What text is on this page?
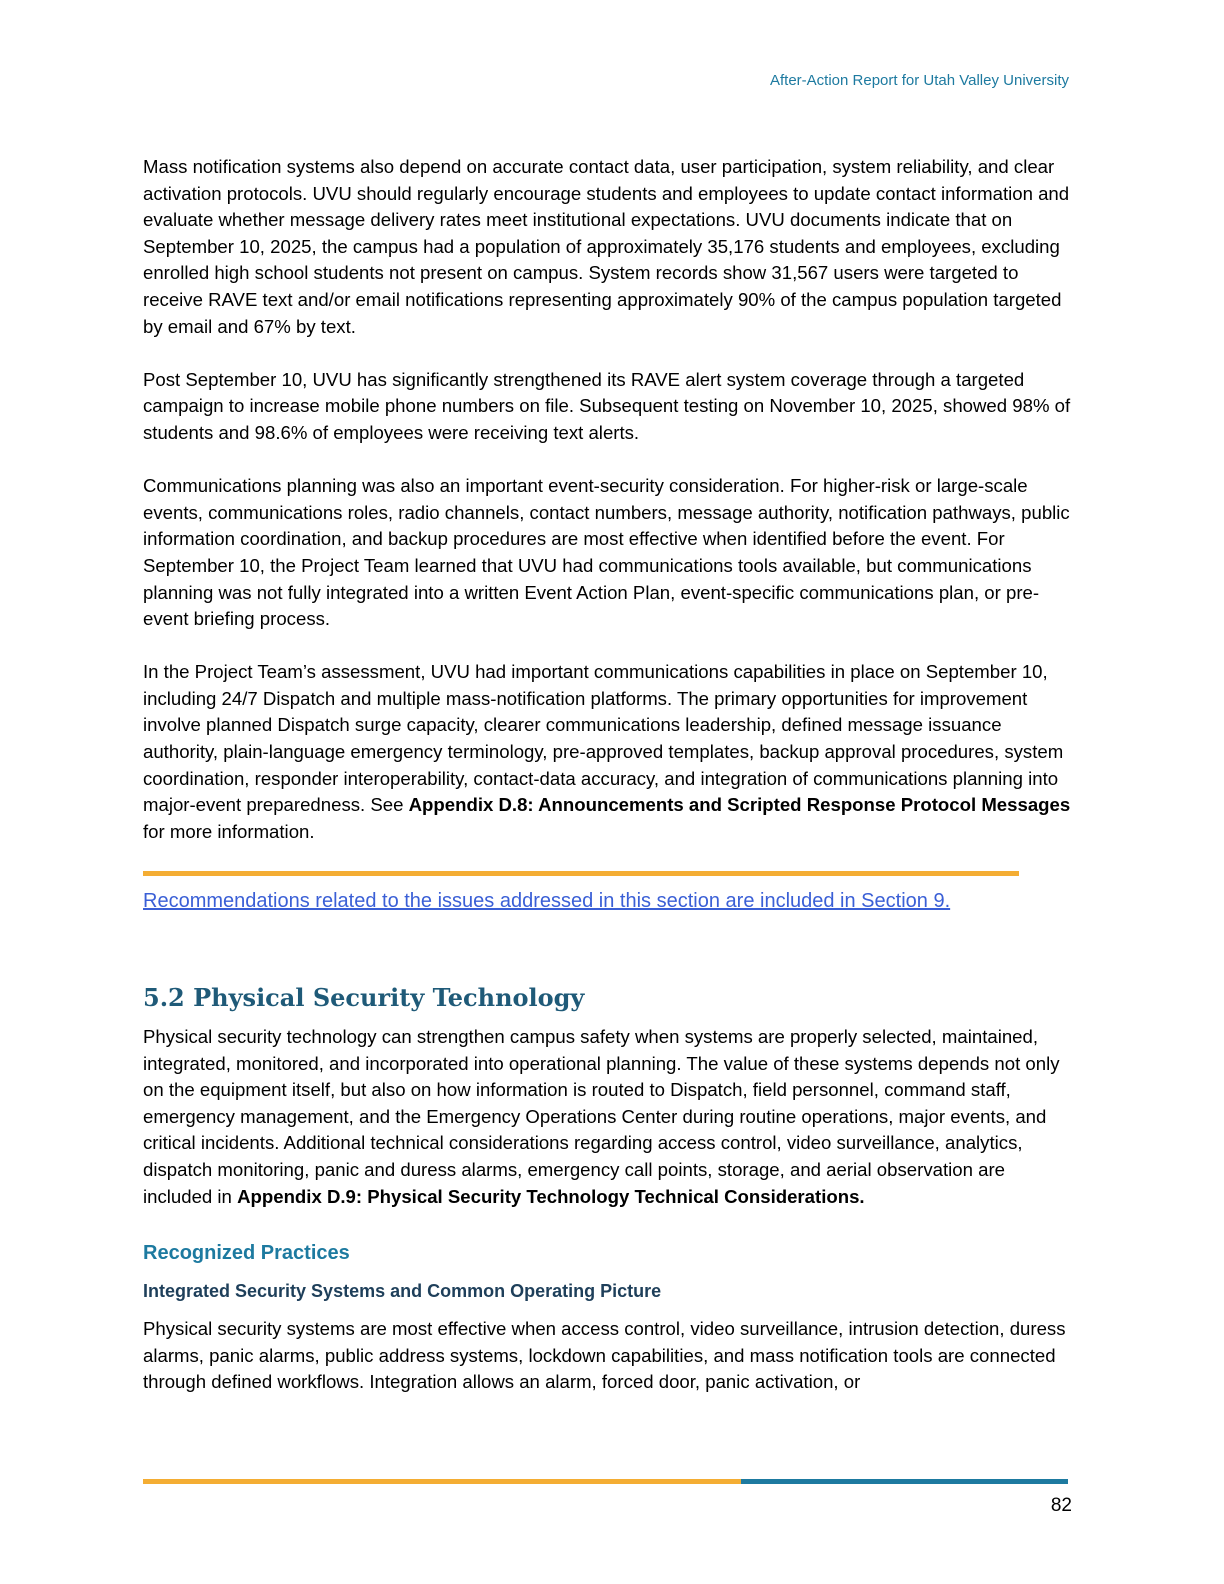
After-Action Report for Utah Valley University

Mass notification systems also depend on accurate contact data, user participation, system reliability, and clear activation protocols. UVU should regularly encourage students and employees to update contact information and evaluate whether message delivery rates meet institutional expectations. UVU documents indicate that on September 10, 2025, the campus had a population of approximately 35,176 students and employees, excluding enrolled high school students not present on campus. System records show 31,567 users were targeted to receive RAVE text and/or email notifications representing approximately 90% of the campus population targeted by email and 67% by text.

Post September 10, UVU has significantly strengthened its RAVE alert system coverage through a targeted campaign to increase mobile phone numbers on file. Subsequent testing on November 10, 2025, showed 98% of students and 98.6% of employees were receiving text alerts.

Communications planning was also an important event-security consideration. For higher-risk or large-scale events, communications roles, radio channels, contact numbers, message authority, notification pathways, public information coordination, and backup procedures are most effective when identified before the event. For September 10, the Project Team learned that UVU had communications tools available, but communications planning was not fully integrated into a written Event Action Plan, event-specific communications plan, or pre-event briefing process.

In the Project Team’s assessment, UVU had important communications capabilities in place on September 10, including 24/7 Dispatch and multiple mass-notification platforms. The primary opportunities for improvement involve planned Dispatch surge capacity, clearer communications leadership, defined message issuance authority, plain-language emergency terminology, pre-approved templates, backup approval procedures, system coordination, responder interoperability, contact-data accuracy, and integration of communications planning into major-event preparedness. See Appendix D.8: Announcements and Scripted Response Protocol Messages for more information.

Recommendations related to the issues addressed in this section are included in Section 9.
5.2 Physical Security Technology

Physical security technology can strengthen campus safety when systems are properly selected, maintained, integrated, monitored, and incorporated into operational planning. The value of these systems depends not only on the equipment itself, but also on how information is routed to Dispatch, field personnel, command staff, emergency management, and the Emergency Operations Center during routine operations, major events, and critical incidents. Additional technical considerations regarding access control, video surveillance, analytics, dispatch monitoring, panic and duress alarms, emergency call points, storage, and aerial observation are included in Appendix D.9: Physical Security Technology Technical Considerations.

Recognized Practices
Integrated Security Systems and Common Operating Picture

Physical security systems are most effective when access control, video surveillance, intrusion detection, duress alarms, panic alarms, public address systems, lockdown capabilities, and mass notification tools are connected through defined workflows. Integration allows an alarm, forced door, panic activation, or

82
